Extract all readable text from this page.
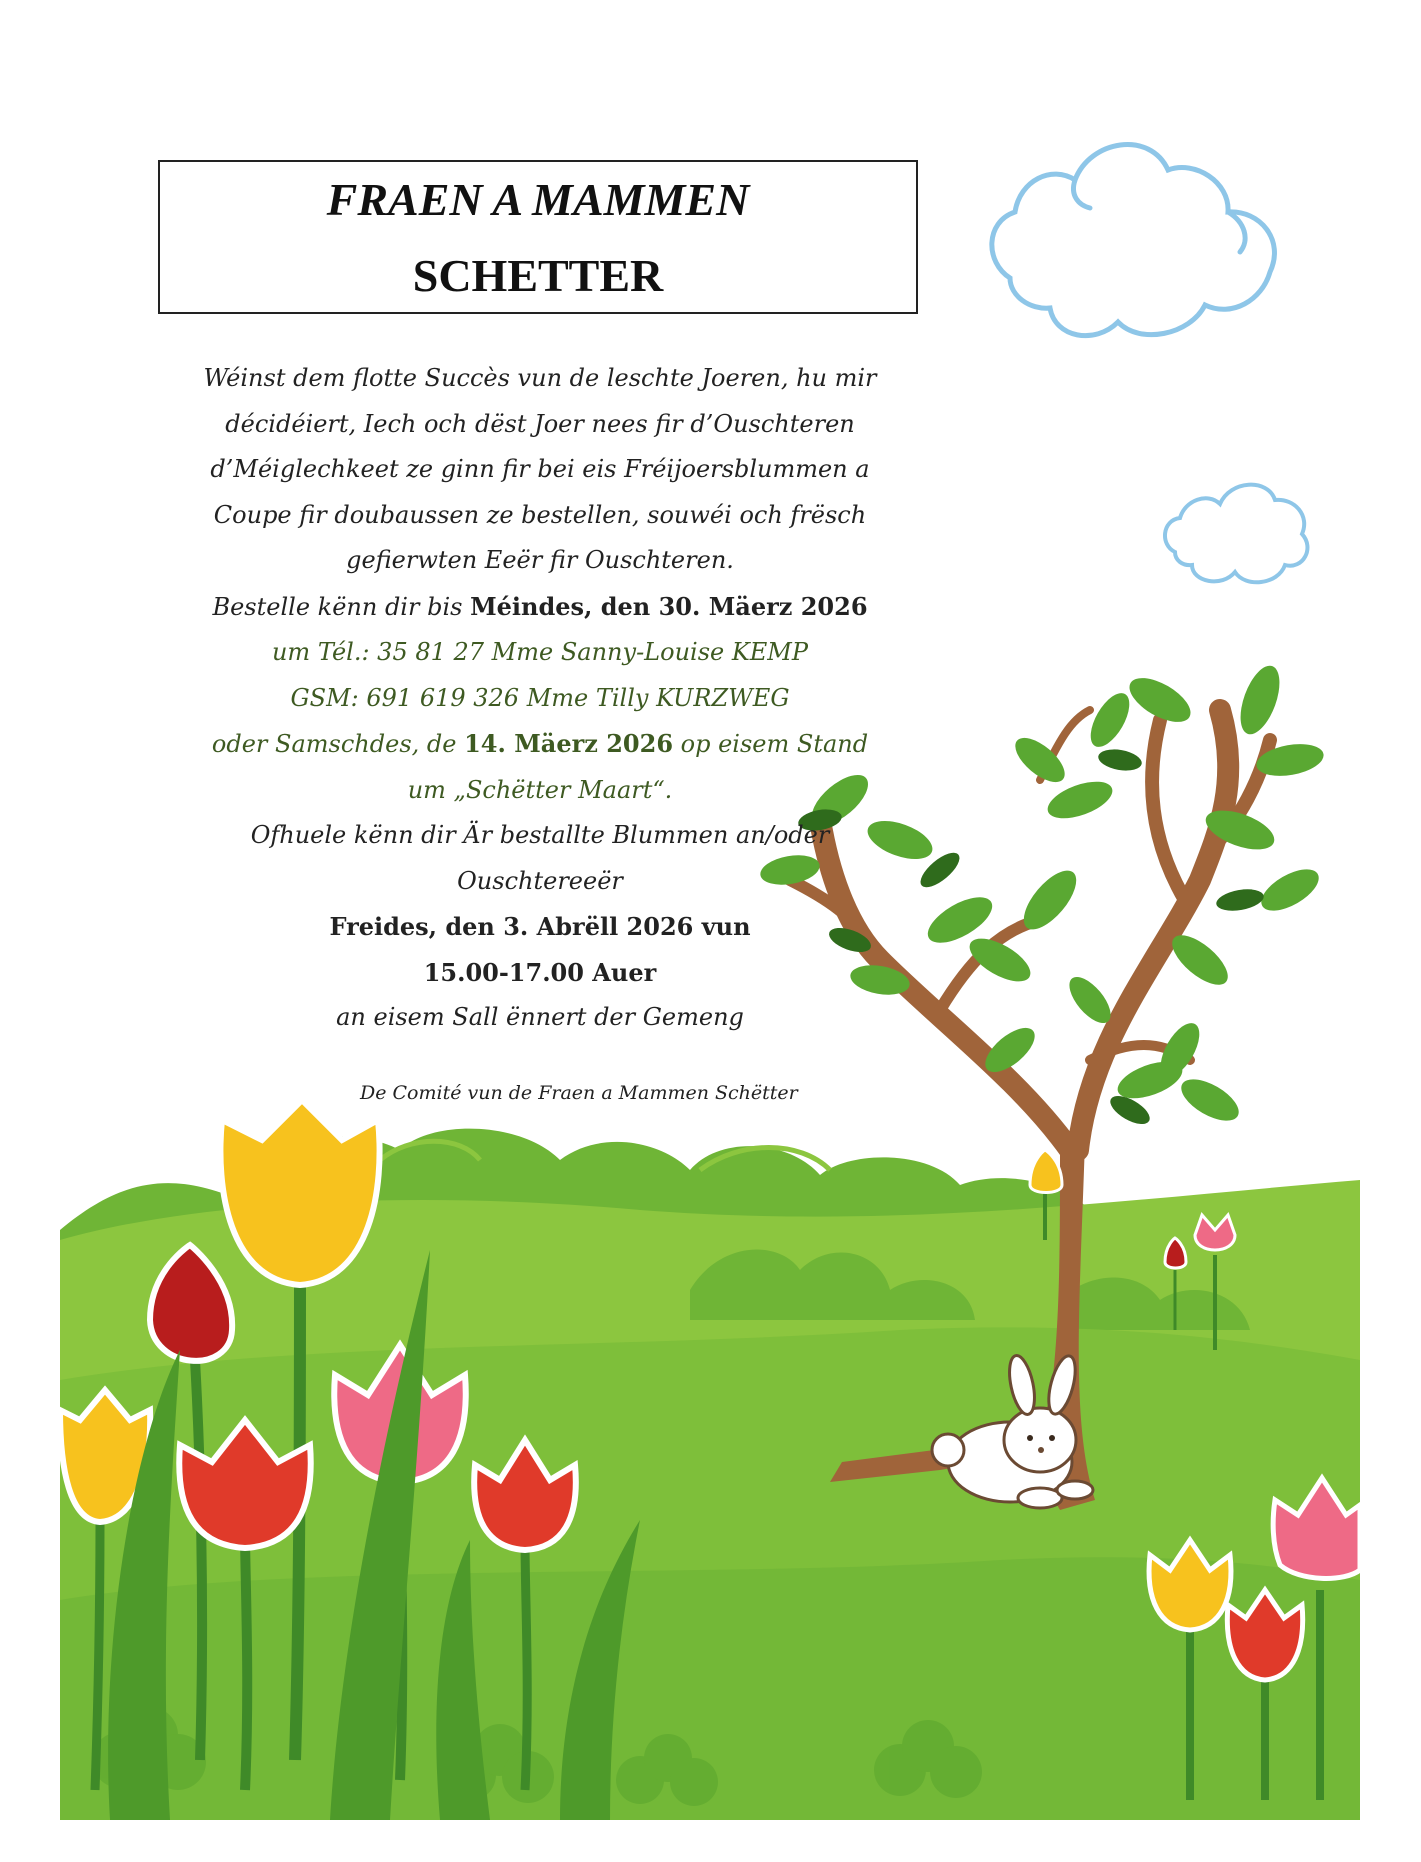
FRAEN A MAMMEN
SCHETTER
Wéinst dem flotte Succès vun de leschte Joeren, hu mir
décidéiert, Iech och dëst Joer nees fir d’Ouschteren
d’Méiglechkeet ze ginn fir bei eis Fréijoersblummen a
Coupe fir doubaussen ze bestellen, souwéi och frësch
gefierwten Eeër fir Ouschteren.
Bestelle kënn dir bis Méindes, den 30. Mäerz 2026
um Tél.: 35 81 27 Mme Sanny-Louise KEMP
GSM: 691 619 326 Mme Tilly KURZWEG
oder Samschdes, de 14. Mäerz 2026 op eisem Stand
um „Schëtter Maart“.
Ofhuele kënn dir Är bestallte Blummen an/oder
Ouschtereeër
Freides, den 3. Abrëll 2026 vun
15.00-17.00 Auer
an eisem Sall ënnert der Gemeng
De Comité vun de Fraen a Mammen Schëtter
